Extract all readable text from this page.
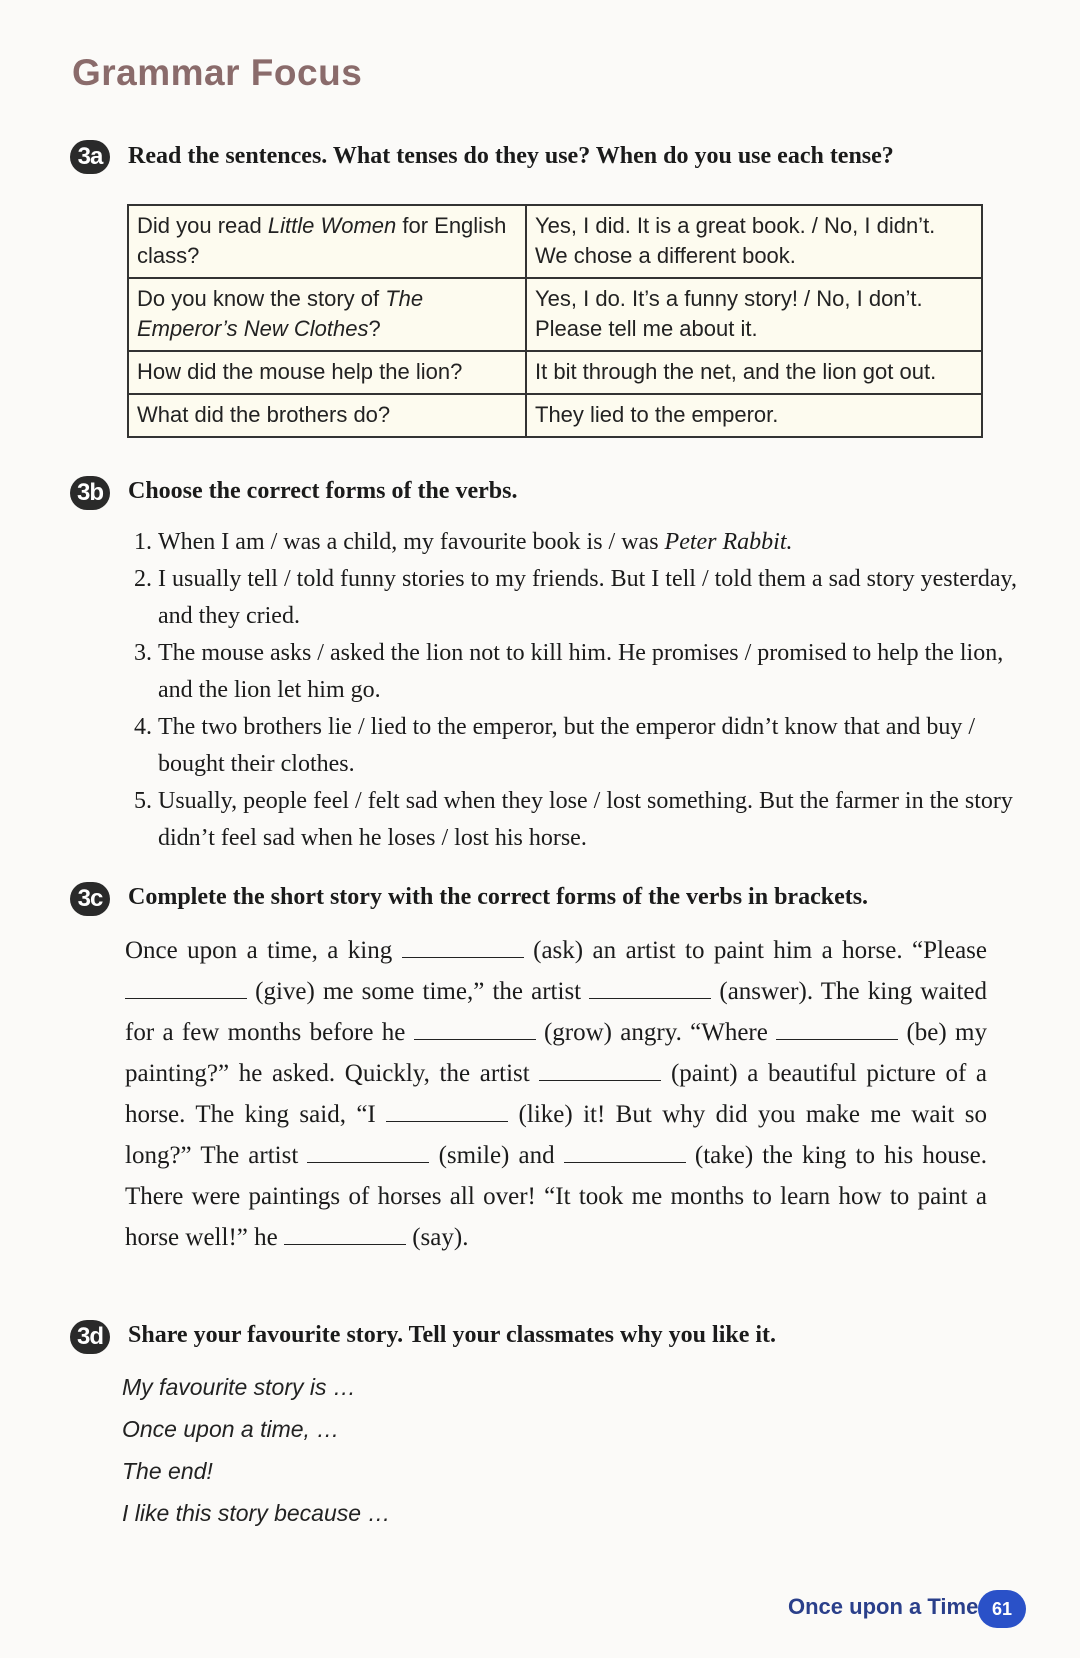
Grammar Focus
3a	Read the sentences. What tenses do they use? When do you use each tense?
Did you read Little Women for English class?	Yes, I did. It is a great book. / No, I didn’t. We chose a different book.
Do you know the story of The Emperor’s New Clothes?	Yes, I do. It’s a funny story! / No, I don’t. Please tell me about it.
How did the mouse help the lion?	It bit through the net, and the lion got out.
What did the brothers do?	They lied to the emperor.
3b Choose the correct forms of the verbs.
1. When I am / was a child, my favourite book is / was Peter Rabbit.
2. I usually tell / told funny stories to my friends. But I tell / told them a sad story yesterday, and they cried.
3. The mouse asks / asked the lion not to kill him. He promises / promised to help the lion, and the lion let him go.
4. The two brothers lie / lied to the emperor, but the emperor didn’t know that and buy / bought their clothes.
5. Usually, people feel / felt sad when they lose / lost something. But the farmer in the story didn’t feel sad when he loses / lost his horse.
3c	Complete the short story with the correct forms of the verbs in brackets.
Once upon a time, a king	(ask) an artist to paint him a horse. “Please  (give) me some time,” the artist	(answer). The king waited for a few months before he	(grow) angry. “Where	(be) my painting?” he asked. Quickly, the artist	(paint) a beautiful picture of a horse. The king said, “I	(like) it! But why did you make me wait so long?” The artist	(smile) and	(take) the king to his house. There were paintings of horses all over! “It took me months to learn how to paint a horse well!” he	(say).
3d Share your favourite story. Tell your classmates why you like it.
My favourite story is …
Once upon a time, …
The end!
I like this story because …
Once upon a Time 61
